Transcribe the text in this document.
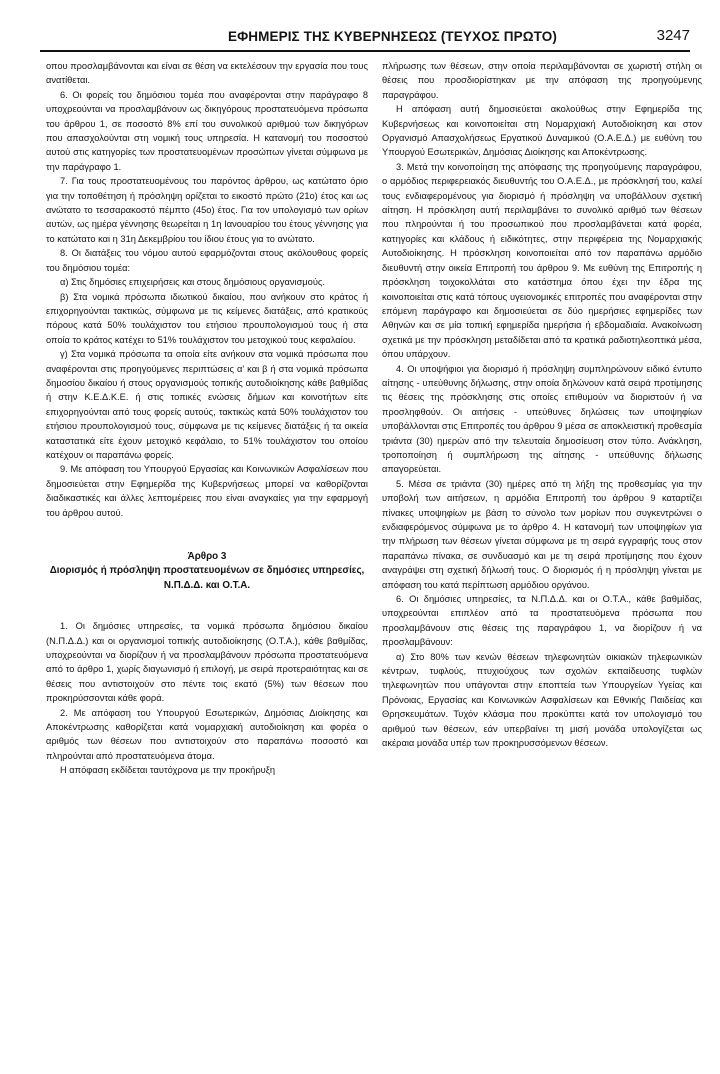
ΕΦΗΜΕΡΙΣ ΤΗΣ ΚΥΒΕΡΝΗΣΕΩΣ (ΤΕΥΧΟΣ ΠΡΩΤΟ)	3247

οπου προσλαμβάνονται και είναι σε θέση να εκτελέσουν την εργασία που τους ανατίθεται.

6. Οι φορείς του δημόσιου τομέα που αναφέρονται στην παράγραφο 8 υποχρεούνται να προσλαμβάνουν ως δικηγόρους προστατευόμενα πρόσωπα του άρθρου 1, σε ποσοστό 8% επί του συνολικού αριθμού των δικηγόρων που απασχολούνται στη νομική τους υπηρεσία. Η κατανομή του ποσοστού αυτού στις κατηγορίες των προστατευομένων προσώπων γίνεται σύμφωνα με την παράγραφο 1.

7. Για τους προστατευομένους του παρόντος άρθρου, ως κατώτατο όριο για την τοποθέτηση ή πρόσληψη ορίζεται το εικοστό πρώτο (21ο) έτος και ως ανώτατο το τεσσαρακοστό πέμπτο (45ο) έτος. Για τον υπολογισμό των ορίων αυτών, ως ημέρα γέννησης θεωρείται η 1η Ιανουαρίου του έτους γέννησης για το κατώτατο και η 31η Δεκεμβρίου του ίδιου έτους για το ανώτατο.

8. Οι διατάξεις του νόμου αυτού εφαρμόζονται στους ακόλουθους φορείς του δημόσιου τομέα:

α) Στις δημόσιες επιχειρήσεις και στους δημόσιους οργανισμούς.

β) Στα νομικά πρόσωπα ιδιωτικού δικαίου, που ανήκουν στο κράτος ή επιχορηγούνται τακτικώς, σύμφωνα με τις κείμενες διατάξεις, από κρατικούς πόρους κατά 50% τουλάχιστον του ετήσιου προυπολογισμού τους ή στα οποία το κράτος κατέχει το 51% τουλάχιστον του μετοχικού τους κεφαλαίου.

γ) Στα νομικά πρόσωπα τα οποία είτε ανήκουν στα νομικά πρόσωπα που αναφέρονται στις προηγούμενες περιπτώσεις α' και β ή στα νομικά πρόσωπα δημοσίου δικαίου ή στους οργανισμούς τοπικής αυτοδιοίκησης κάθε βαθμίδας ή στην Κ.Ε.Δ.Κ.Ε. ή στις τοπικές ενώσεις δήμων και κοινοτήτων είτε επιχορηγούνται από τους φορείς αυτούς, τακτικώς κατά 50% τουλάχιστον του ετήσιου προυπολογισμού τους, σύμφωνα με τις κείμενες διατάξεις ή τα οικεία καταστατικά είτε έχουν μετοχικό κεφάλαιο, το 51% τουλάχιστον του οποίου κατέχουν οι παραπάνω φορείς.

9. Με απόφαση του Υπουργού Εργασίας και Κοινωνικών Ασφαλίσεων που δημοσιεύεται στην Εφημερίδα της Κυβερνήσεως μπορεί να καθορίζονται διαδικαστικές και άλλες λεπτομέρειες που είναι αναγκαίες για την εφαρμογή του άρθρου αυτού.

Άρθρο 3
Διορισμός ή πρόσληψη προστατευομένων σε δημόσιες υπηρεσίες, Ν.Π.Δ.Δ. και Ο.Τ.Α.

1. Οι δημόσιες υπηρεσίες, τα νομικά πρόσωπα δημόσιου δικαίου (Ν.Π.Δ.Δ.) και οι οργανισμοί τοπικής αυτοδιοίκησης (Ο.Τ.Α.), κάθε βαθμίδας, υποχρεούνται να διορίζουν ή να προσλαμβάνουν πρόσωπα προστατευόμενα από το άρθρο 1, χωρίς διαγωνισμό ή επιλογή, με σειρά προτεραιότητας και σε θέσεις που αντιστοιχούν στο πέντε τοις εκατό (5%) των θέσεων που προκηρύσσονται κάθε φορά.

2. Με απόφαση του Υπουργού Εσωτερικών, Δημόσιας Διοίκησης και Αποκέντρωσης καθορίζεται κατά νομαρχιακή αυτοδιοίκηση και φορέα ο αριθμός των θέσεων που αντιστοιχούν στο παραπάνω ποσοστό και πληρούνται από προστατευόμενα άτομα.

Η απόφαση εκδίδεται ταυτόχρονα με την προκήρυξη

πλήρωσης των θέσεων, στην οποία περιλαμβάνονται σε χωριστή στήλη οι θέσεις που προσδιορίστηκαν με την απόφαση της προηγούμενης παραγράφου.

Η απόφαση αυτή δημοσιεύεται ακολούθως στην Εφημερίδα της Κυβερνήσεως και κοινοποιείται στη Νομαρχιακή Αυτοδιοίκηση και στον Οργανισμό Απασχολήσεως Εργατικού Δυναμικού (Ο.Α.Ε.Δ.) με ευθύνη του Υπουργού Εσωτερικών, Δημόσιας Διοίκησης και Αποκέντρωσης.

3. Μετά την κοινοποίηση της απόφασης της προηγούμενης παραγράφου, ο αρμόδιος περιφερειακός διευθυντής του Ο.Α.Ε.Δ., με πρόσκλησή του, καλεί τους ενδιαφερομένους για διορισμό ή πρόσληψη να υποβάλλουν σχετική αίτηση. Η πρόσκληση αυτή περιλαμβάνει το συνολικό αριθμό των θέσεων που πληρούνται ή του προσωπικού που προσλαμβάνεται κατά φορέα, κατηγορίες και κλάδους ή ειδικότητες, στην περιφέρεια της Νομαρχιακής Αυτοδιοίκησης. Η πρόσκληση κοινοποιείται από τον παραπάνω αρμόδιο διευθυντή στην οικεία Επιτροπή του άρθρου 9. Με ευθύνη της Επιτροπής η πρόσκληση τοιχοκολλάται στο κατάστημα όπου έχει την έδρα της κοινοποιείται στις κατά τόπους υγειονομικές επιτροπές που αναφέρονται στην επόμενη παράγραφο και δημοσιεύεται σε δύο ημερήσιες εφημερίδες των Αθηνών και σε μία τοπική εφημερίδα ημερήσια ή εβδομαδιαία. Ανακοίνωση σχετικά με την πρόσκληση μεταδίδεται από τα κρατικά ραδιοτηλεοπτικά μέσα, όπου υπάρχουν.

4. Οι υποψήφιοι για διορισμό ή πρόσληψη συμπληρώνουν ειδικό έντυπο αίτησης - υπεύθυνης δήλωσης, στην οποία δηλώνουν κατά σειρά προτίμησης τις θέσεις της πρόσκλησης στις οποίες επιθυμούν να διοριστούν ή να προσληφθούν. Οι αιτήσεις - υπεύθυνες δηλώσεις των υποψηφίων υποβάλλονται στις Επιτροπές του άρθρου 9 μέσα σε αποκλειστική προθεσμία τριάντα (30) ημερών από την τελευταία δημοσίευση στον τύπο. Ανάκληση, τροποποίηση ή συμπλήρωση της αίτησης - υπεύθυνης δήλωσης απαγορεύεται.

5. Μέσα σε τριάντα (30) ημέρες από τη λήξη της προθεσμίας για την υποβολή των αιτήσεων, η αρμόδια Επιτροπή του άρθρου 9 καταρτίζει πίνακες υποψηφίων με βάση το σύνολο των μορίων που συγκεντρώνει ο ενδιαφερόμενος σύμφωνα με το άρθρο 4. Η κατανομή των υποψηφίων για την πλήρωση των θέσεων γίνεται σύμφωνα με τη σειρά εγγραφής τους στον παραπάνω πίνακα, σε συνδυασμό και με τη σειρά προτίμησης που έχουν αναγράψει στη σχετική δήλωσή τους. Ο διορισμός ή η πρόσληψη γίνεται με απόφαση του κατά περίπτωση αρμόδιου οργάνου.

6. Οι δημόσιες υπηρεσίες, τα Ν.Π.Δ.Δ. και οι Ο.Τ.Α., κάθε βαθμίδας, υποχρεούνται επιπλέον από τα προστατευόμενα πρόσωπα που προσλαμβάνουν στις θέσεις της παραγράφου 1, να διορίζουν ή να προσλαμβάνουν:

α) Στο 80% των κενών θέσεων τηλεφωνητών οικιακών τηλεφωνικών κέντρων, τυφλούς, πτυχιούχους των σχολών εκπαίδευσης τυφλών τηλεφωνητών που υπάγονται στην εποπτεία των Υπουργείων Υγείας και Πρόνοιας, Εργασίας και Κοινωνικών Ασφαλίσεων και Εθνικής Παιδείας και Θρησκευμάτων. Τυχόν κλάσμα που προκύπτει κατά τον υπολογισμό του αριθμού των θέσεων, εάν υπερβαίνει τη μισή μονάδα υπολογίζεται ως ακέραια μονάδα υπέρ των προκηρυσσόμενων θέσεων.
